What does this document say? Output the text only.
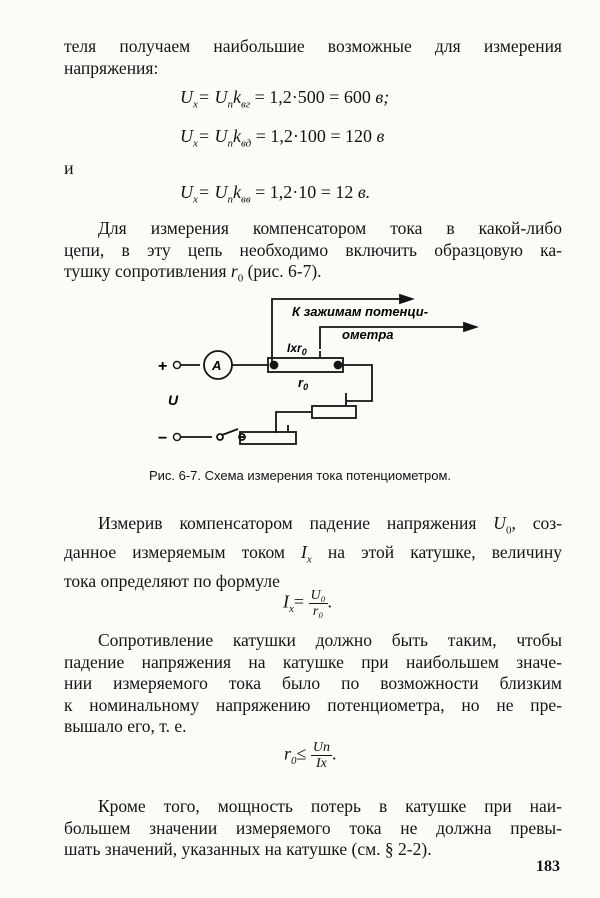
теля получаем наибольшие возможные для измерения
напряжения:
$U_x= U_пk_{вг} = 1,2\cdot 500 = 600$ в;
$U_x= U_пk_{вд} = 1,2\cdot 100 = 120$ в
и
$U_x= U_пk_{вв} = 1,2\cdot 10 = 12$ в.
Для измерения компенсатором тока в какой-либо
цепи, в эту цепь необходимо включить образцовую ка-
тушку сопротивления $r_0$ (рис. 6-7).
+
−
U
A
К зажимам потенци-
ометра
Iхr$_0$
$r_0$
Рис. 6-7. Схема измерения тока потенциометром.
Измерив компенсатором падение напряжения $U_0$, соз-
данное измеряемым током $I_x$ на этой катушке, величину
тока определяют по формуле
$I_x= \frac{\text{U₀}}{\text{r₀}}$ .
Сопротивление катушки должно быть таким, чтобы
падение напряжения на катушке при наибольшем значе-
нии измеряемого тока было по возможности близким
к номинальному напряжению потенциометра, но не пре-
вышало его, т. е.
$r_0\le \frac{Uп}{Iх}$ .
Кроме того, мощность потерь в катушке при наи-
большем значении измеряемого тока не должна превы-
шать значений, указанных на катушке (см. § 2-2).
183
